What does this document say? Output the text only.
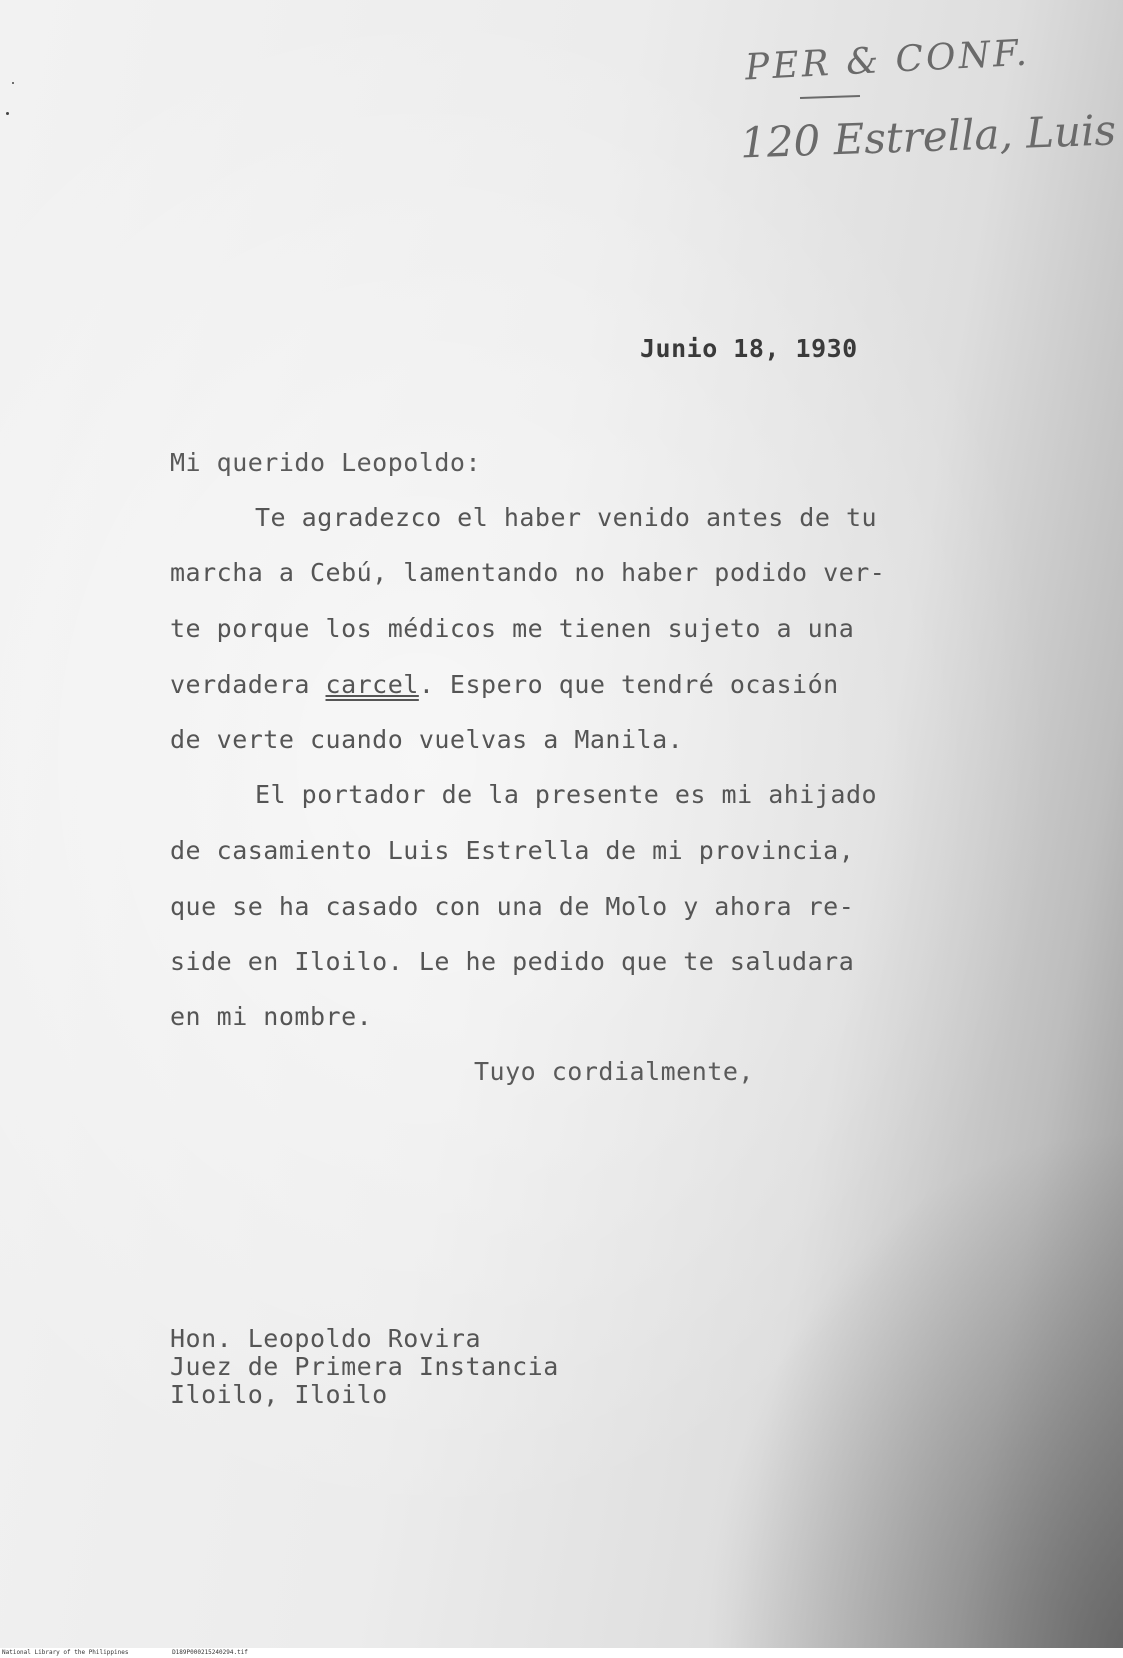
PER & CONF.
120 Estrella, Luis

Junio 18, 1930

Mi querido Leopoldo:

Te agradezco el haber venido antes de tu

marcha a Cebú, lamentando no haber podido ver-

te porque los médicos me tienen sujeto a una

verdadera carcel. Espero que tendré ocasión

de verte cuando vuelvas a Manila.

El portador de la presente es mi ahijado

de casamiento Luis Estrella de mi provincia,

que se ha casado con una de Molo y ahora re-

side en Iloilo. Le he pedido que te saludara

en mi nombre.

Tuyo cordialmente,

Hon. Leopoldo Rovira

Juez de Primera Instancia

Iloilo, Iloilo

National Library of the Philippines	D189P000215240294.tif
